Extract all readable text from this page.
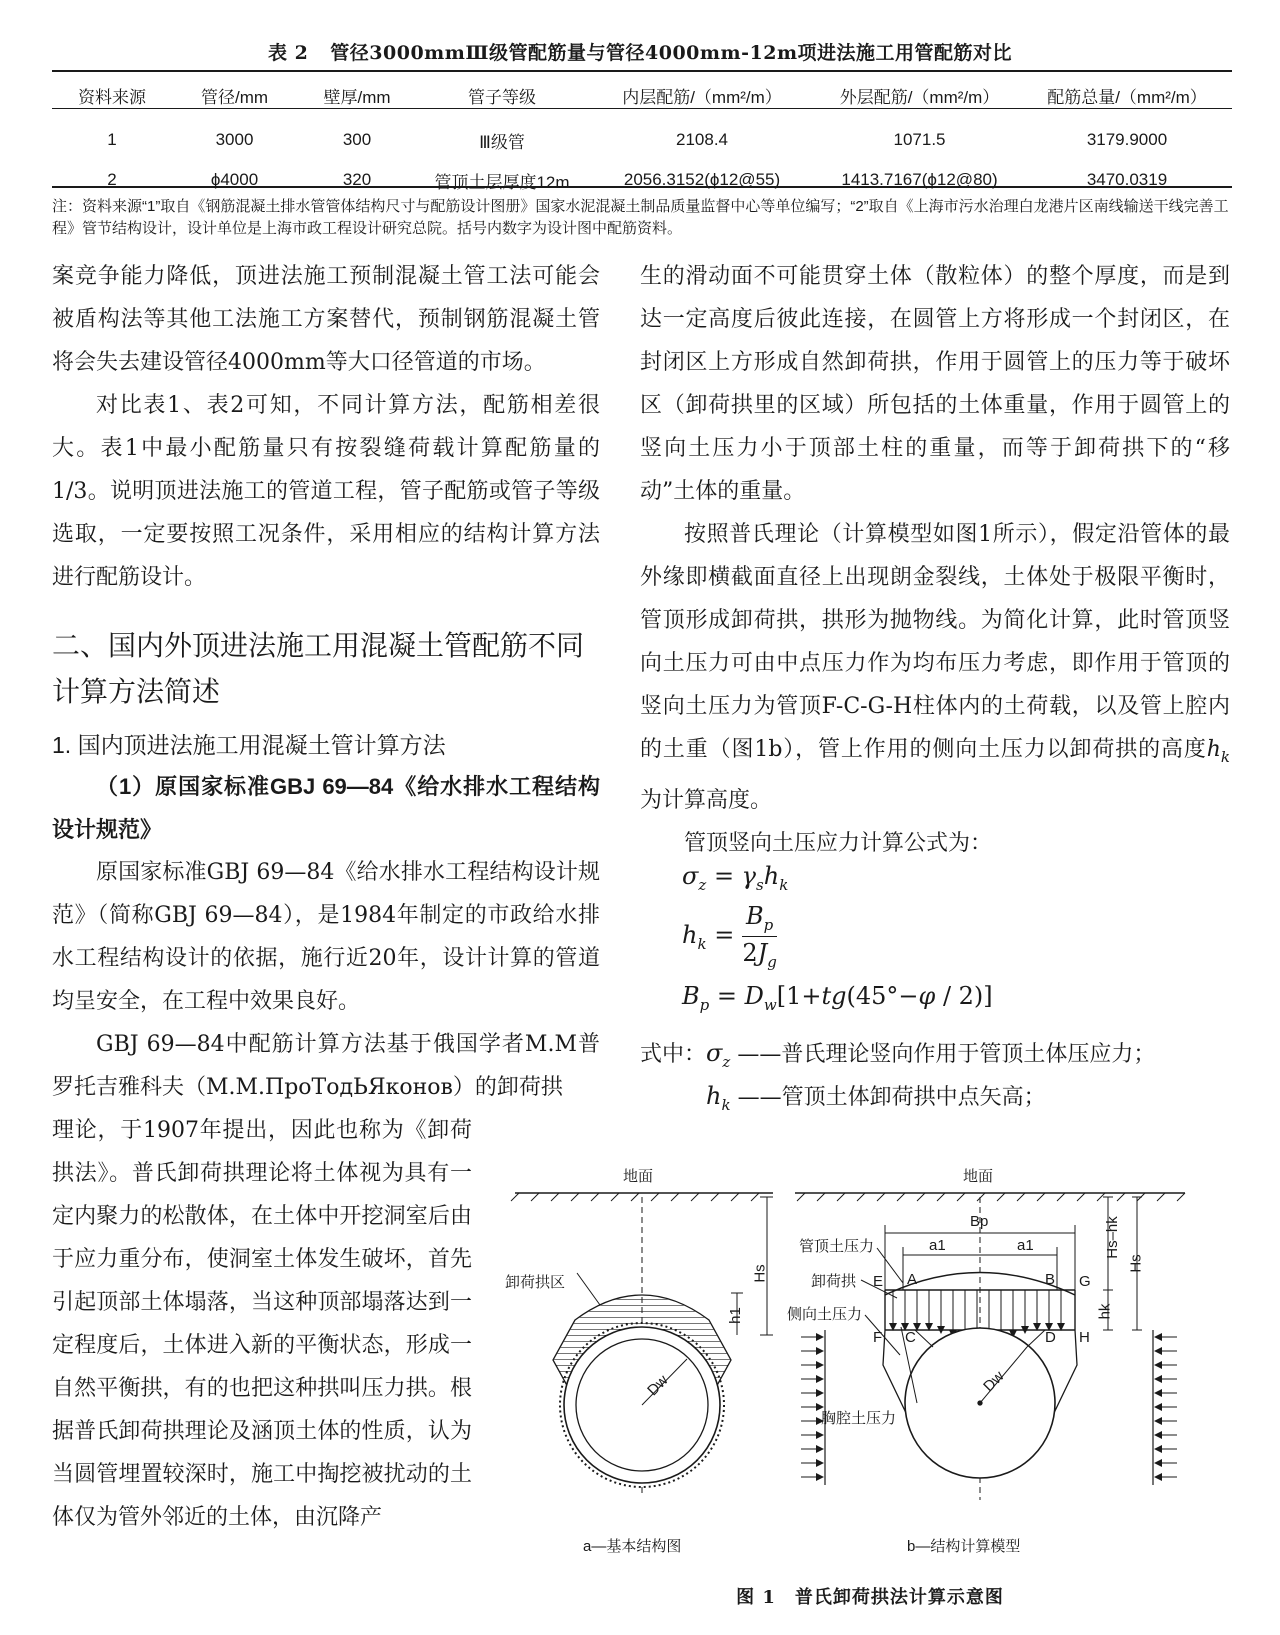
表 2 管径3000mmⅢ级管配筋量与管径4000mm-12m项进法施工用管配筋对比
资料来源	管径/mm	壁厚/mm	管子等级	内层配筋/（mm²/m）	外层配筋/（mm²/m）	配筋总量/（mm²/m）
1	3000	300	Ⅲ级管	2108.4	1071.5	3179.9000
2	ϕ4000	320	管顶土层厚度12m	2056.3152(ϕ12@55)	1413.7167(ϕ12@80)	3470.0319
注：资料来源“1”取自《钢筋混凝土排水管管体结构尺寸与配筋设计图册》国家水泥混凝土制品质量监督中心等单位编写；“2”取自《上海市污水治理白龙港片区南线输送干线完善工程》管节结构设计，设计单位是上海市政工程设计研究总院。括号内数字为设计图中配筋资料。

案竞争能力降低，顶进法施工预制混凝土管工法可能会被盾构法等其他工法施工方案替代，预制钢筋混凝土管将会失去建设管径4000mm等大口径管道的市场。

对比表1、表2可知，不同计算方法，配筋相差很大。表1中最小配筋量只有按裂缝荷载计算配筋量的1/3。说明顶进法施工的管道工程，管子配筋或管子等级选取，一定要按照工况条件，采用相应的结构计算方法进行配筋设计。

二、国内外顶进法施工用混凝土管配筋不同计算方法简述

1. 国内顶进法施工用混凝土管计算方法

（1）原国家标准GBJ 69—84《给水排水工程结构设计规范》

原国家标准GBJ 69—84《给水排水工程结构设计规范》（简称GBJ 69—84），是1984年制定的市政给水排水工程结构设计的依据，施行近20年，设计计算的管道均呈安全，在工程中效果良好。

GBJ 69—84中配筋计算方法基于俄国学者M.M普罗托吉雅科夫（M.M.ПроТодЬЯконов）的卸荷拱

理论，于1907年提出，因此也称为《卸荷拱法》。普氏卸荷拱理论将土体视为具有一定内聚力的松散体，在土体中开挖洞室后由于应力重分布，使洞室土体发生破坏，首先引起顶部土体塌落，当这种顶部塌落达到一定程度后，土体进入新的平衡状态，形成一自然平衡拱，有的也把这种拱叫压力拱。根据普氏卸荷拱理论及涵顶土体的性质，认为当圆管埋置较深时，施工中掏挖被扰动的土体仅为管外邻近的土体，由沉降产

生的滑动面不可能贯穿土体（散粒体）的整个厚度，而是到达一定高度后彼此连接，在圆管上方将形成一个封闭区，在封闭区上方形成自然卸荷拱，作用于圆管上的压力等于破坏区（卸荷拱里的区域）所包括的土体重量，作用于圆管上的竖向土压力小于顶部土柱的重量，而等于卸荷拱下的“移动”土体的重量。

按照普氏理论（计算模型如图1所示），假定沿管体的最外缘即横截面直径上出现朗金裂线，土体处于极限平衡时，管顶形成卸荷拱，拱形为抛物线。为简化计算，此时管顶竖向土压力可由中点压力作为均布压力考虑，即作用于管顶的竖向土压力为管顶F-C-G-H柱体内的土荷载，以及管上腔内的土重（图1b），管上作用的侧向土压力以卸荷拱的高度$h_k$为计算高度。

管顶竖向土压应力计算公式为：

$\sigma_z = \gamma_sh_k$
$h_k = \frac{B_p}{2J_g}$
$B_p = D_w[1+tg(45^\circ-\varphi / 2)]$
式中：$\sigma_z$ ——普氏理论竖向作用于管顶土体压应力；
$h_k$ ——管顶土体卸荷拱中点矢高；
地面
卸荷拱区	Hs
h1
Dw
a—基本结构图
地面
Bp
a1	a1
管顶土压力
卸荷拱
侧向土压力
胸腔土压力
E A	B G
F C	D H
Hs–hk
Hs
hk
Dw
b—结构计算模型
图 1　普氏卸荷拱法计算示意图
